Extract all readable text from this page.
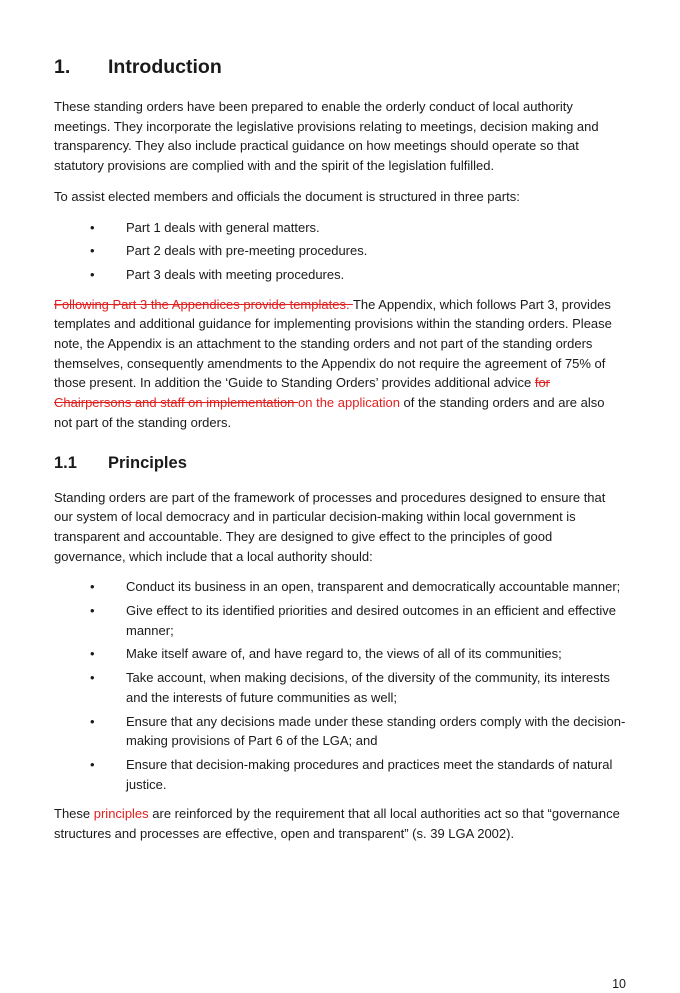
1.	Introduction

These standing orders have been prepared to enable the orderly conduct of local authority meetings. They incorporate the legislative provisions relating to meetings, decision making and transparency. They also include practical guidance on how meetings should operate so that statutory provisions are complied with and the spirit of the legislation fulfilled.

To assist elected members and officials the document is structured in three parts:

• Part 1 deals with general matters.
• Part 2 deals with pre-meeting procedures.
• Part 3 deals with meeting procedures.

Following Part 3 the Appendices provide templates. The Appendix, which follows Part 3, provides templates and additional guidance for implementing provisions within the standing orders. Please note, the Appendix is an attachment to the standing orders and not part of the standing orders themselves, consequently amendments to the Appendix do not require the agreement of 75% of those present. In addition the ‘Guide to Standing Orders’ provides additional advice for Chairpersons and staff on implementation on the application of the standing orders and are also not part of the standing orders.

1.1	Principles

Standing orders are part of the framework of processes and procedures designed to ensure that our system of local democracy and in particular decision-making within local government is transparent and accountable. They are designed to give effect to the principles of good governance, which include that a local authority should:

• Conduct its business in an open, transparent and democratically accountable manner;
• Give effect to its identified priorities and desired outcomes in an efficient and effective manner;
• Make itself aware of, and have regard to, the views of all of its communities;
• Take account, when making decisions, of the diversity of the community, its interests and the interests of future communities as well;
• Ensure that any decisions made under these standing orders comply with the decision-making provisions of Part 6 of the LGA; and
• Ensure that decision-making procedures and practices meet the standards of natural justice.

These principles are reinforced by the requirement that all local authorities act so that “governance structures and processes are effective, open and transparent” (s. 39 LGA 2002).

10
